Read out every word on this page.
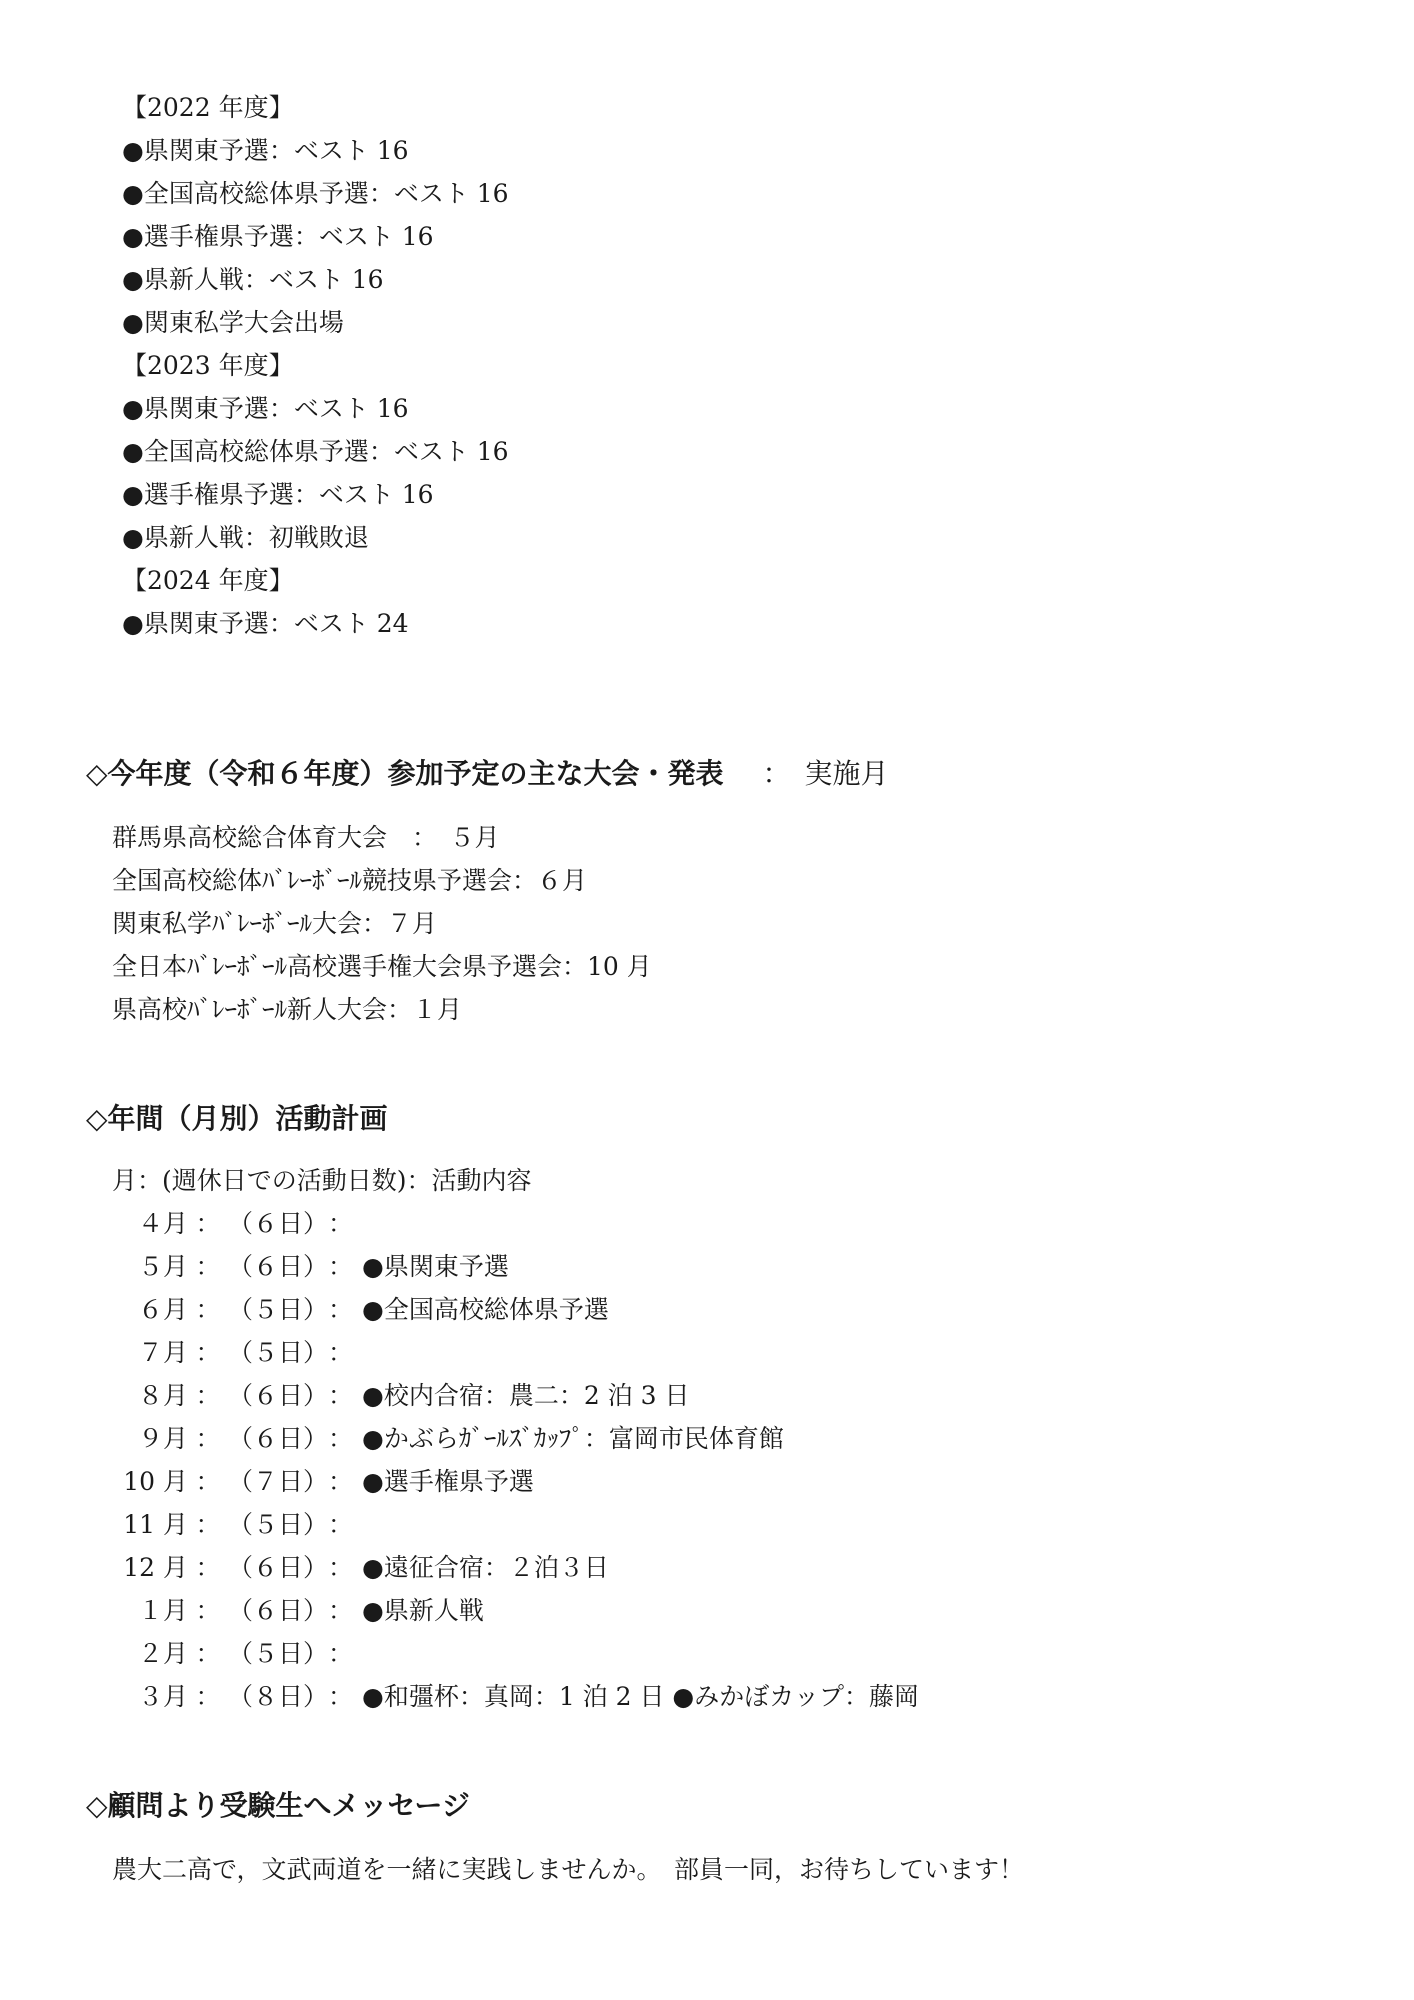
【2022 年度】
●県関東予選：ベスト 16
●全国高校総体県予選：ベスト 16
●選手権県予選：ベスト 16
●県新人戦：ベスト 16
●関東私学大会出場
【2023 年度】
●県関東予選：ベスト 16
●全国高校総体県予選：ベスト 16
●選手権県予選：ベスト 16
●県新人戦：初戦敗退
【2024 年度】
●県関東予選：ベスト 24
◇今年度（令和６年度）参加予定の主な大会・発表 ：　実施月
群馬県高校総合体育大会　：　５月
全国高校総体ﾊﾞﾚｰﾎﾞｰﾙ競技県予選会：６月
関東私学ﾊﾞﾚｰﾎﾞｰﾙ大会：７月
全日本ﾊﾞﾚｰﾎﾞｰﾙ高校選手権大会県予選会：10 月
県高校ﾊﾞﾚｰﾎﾞｰﾙ新人大会：１月
◇年間（月別）活動計画
月：(週休日での活動日数)：活動内容
４月 ： （６日）：
５月 ： （６日）： ●県関東予選
６月 ： （５日）： ●全国高校総体県予選
７月 ： （５日）：
８月 ： （６日）： ●校内合宿：農二：2 泊 3 日
９月 ： （６日）： ●かぶらｶﾞｰﾙｽﾞｶｯﾌﾟ：富岡市民体育館
10 月 ： （７日）： ●選手権県予選
11 月 ： （５日）：
12 月 ： （６日）： ●遠征合宿：２泊３日
１月 ： （６日）： ●県新人戦
２月 ： （５日）：
３月 ： （８日）： ●和彊杯：真岡：1 泊 2 日 ●みかぼカップ：藤岡
◇顧問より受験生へメッセージ
農大二高で，文武両道を一緒に実践しませんか。　部員一同，お待ちしています！
